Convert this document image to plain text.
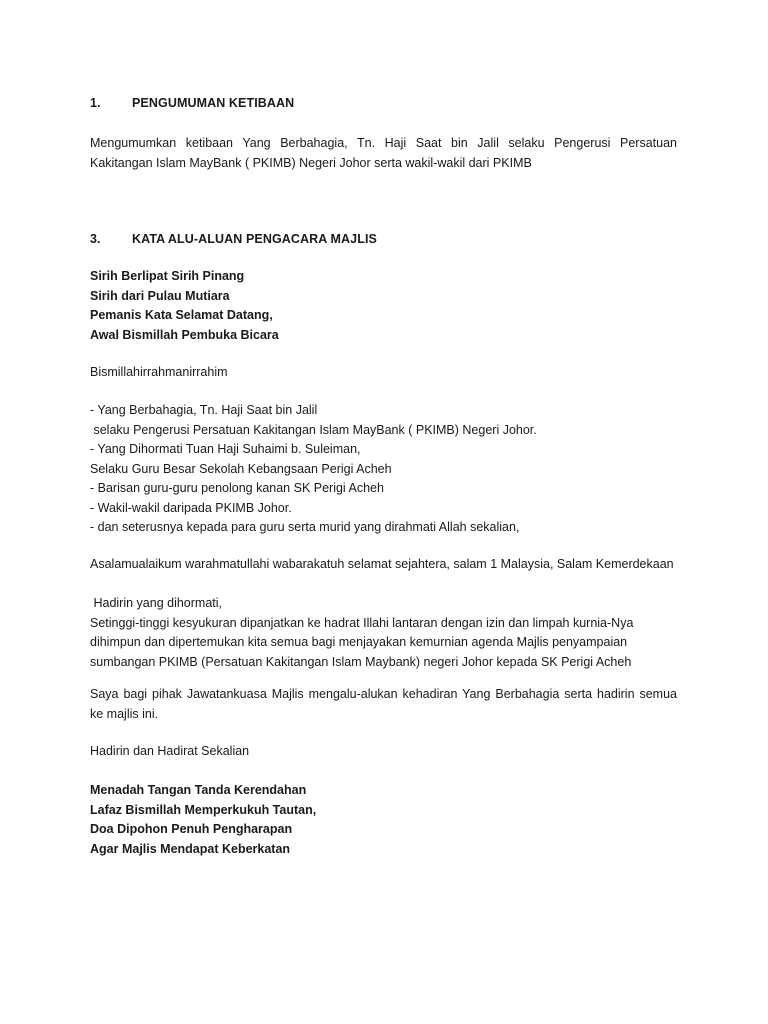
1.	PENGUMUMAN KETIBAAN
Mengumumkan ketibaan Yang Berbahagia, Tn. Haji Saat bin Jalil selaku Pengerusi Persatuan
Kakitangan Islam MayBank ( PKIMB) Negeri Johor serta wakil-wakil dari PKIMB
3.	KATA ALU-ALUAN PENGACARA MAJLIS
Sirih Berlipat Sirih Pinang
Sirih dari Pulau Mutiara
Pemanis Kata Selamat Datang,
Awal Bismillah Pembuka Bicara
Bismillahirrahmanirrahim
- Yang Berbahagia, Tn. Haji Saat bin Jalil
selaku Pengerusi Persatuan Kakitangan Islam MayBank ( PKIMB) Negeri Johor.
- Yang Dihormati Tuan Haji Suhaimi b. Suleiman,
Selaku Guru Besar Sekolah Kebangsaan Perigi Acheh
- Barisan guru-guru penolong kanan SK Perigi Acheh
- Wakil-wakil daripada PKIMB Johor.
- dan seterusnya kepada para guru serta murid yang dirahmati Allah sekalian,
Asalamualaikum warahmatullahi wabarakatuh selamat sejahtera, salam 1 Malaysia, Salam Kemerdekaan
Hadirin yang dihormati,
Setinggi-tinggi kesyukuran dipanjatkan ke hadrat Illahi lantaran dengan izin dan limpah kurnia-Nya
dihimpun dan dipertemukan kita semua bagi menjayakan kemurnian agenda Majlis penyampaian
sumbangan PKIMB (Persatuan Kakitangan Islam Maybank) negeri Johor kepada SK Perigi Acheh
Saya bagi pihak Jawatankuasa Majlis mengalu-alukan kehadiran Yang Berbahagia serta hadirin semua
ke majlis ini.
Hadirin dan Hadirat Sekalian
Menadah Tangan Tanda Kerendahan
Lafaz Bismillah Memperkukuh Tautan,
Doa Dipohon Penuh Pengharapan
Agar Majlis Mendapat Keberkatan
